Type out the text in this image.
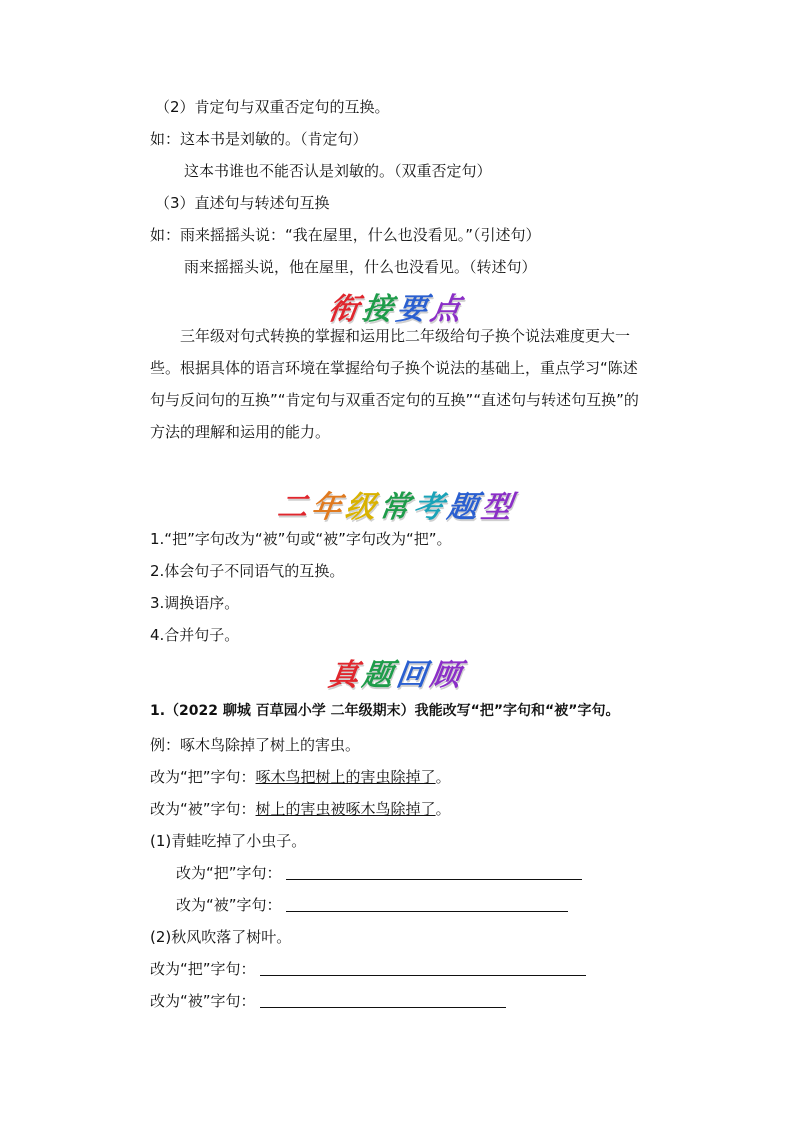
（2）肯定句与双重否定句的互换。
如：这本书是刘敏的。（肯定句）
这本书谁也不能否认是刘敏的。（双重否定句）
（3）直述句与转述句互换
如：雨来摇摇头说：“我在屋里，什么也没看见。”（引述句）
雨来摇摇头说，他在屋里，什么也没看见。（转述句）
衔接要点
三年级对句式转换的掌握和运用比二年级给句子换个说法难度更大一些。根据具体的语言环境在掌握给句子换个说法的基础上，重点学习“陈述句与反问句的互换”“肯定句与双重否定句的互换”“直述句与转述句互换”的方法的理解和运用的能力。
二年级常考题型
1.“把”字句改为“被”句或“被”字句改为“把”。
2.体会句子不同语气的互换。
3.调换语序。
4.合并句子。
真题回顾
1.（2022 聊城 百草园小学 二年级期末）我能改写“把”字句和“被”字句。
例：啄木鸟除掉了树上的害虫。
改为“把”字句：啄木鸟把树上的害虫除掉了。
改为“被”字句：树上的害虫被啄木鸟除掉了。
(1)青蛙吃掉了小虫子。
改为“把”字句：
改为“被”字句：
(2)秋风吹落了树叶。
改为“把”字句：
改为“被”字句：
